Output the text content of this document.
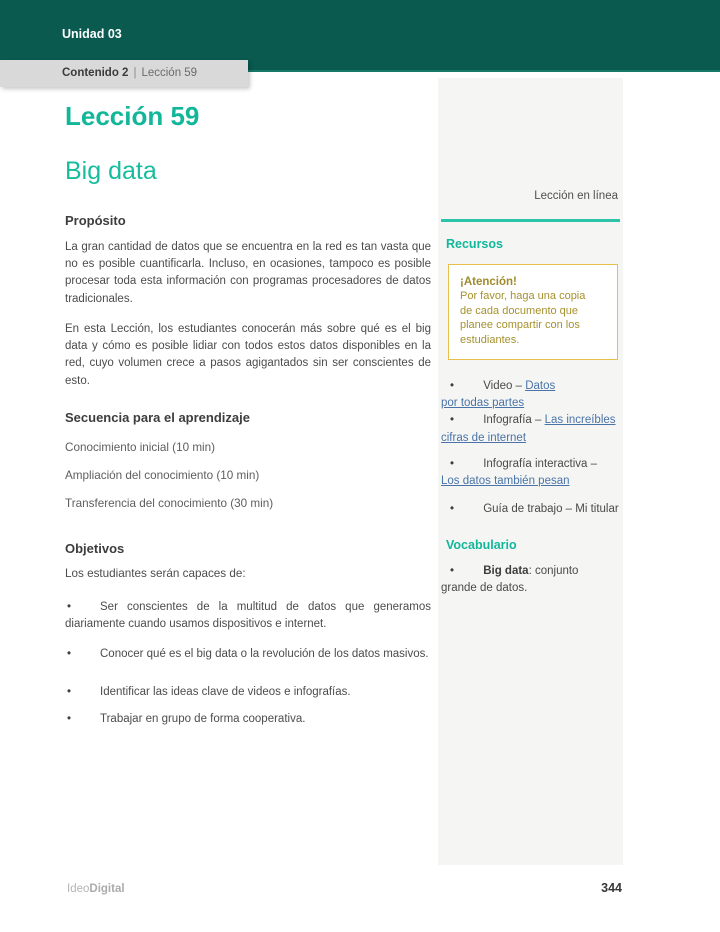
Unidad 03
Contenido 2 | Lección 59
Lección 59
Big data
Propósito
La gran cantidad de datos que se encuentra en la red es tan vasta que no es posible cuantificarla. Incluso, en ocasiones, tampoco es posible procesar toda esta información con programas procesadores de datos tradicionales.
En esta Lección, los estudiantes conocerán más sobre qué es el big data y cómo es posible lidiar con todos estos datos disponibles en la red, cuyo volumen crece a pasos agigantados sin ser conscientes de esto.
Secuencia para el aprendizaje
Conocimiento inicial (10 min)
Ampliación del conocimiento (10 min)
Transferencia del conocimiento (30 min)
Objetivos
Los estudiantes serán capaces de:
• Ser conscientes de la multitud de datos que generamos diariamente cuando usamos dispositivos e internet.
• Conocer qué es el big data o la revolución de los datos masivos.
• Identificar las ideas clave de videos e infografías.
• Trabajar en grupo de forma cooperativa.
Lección en línea
Recursos
¡Atención!
Por favor, haga una copia de cada documento que planee compartir con los estudiantes.
• Video – Datos
por todas partes
• Infografía – Las increíbles
cifras de internet
• Infografía interactiva –
Los datos también pesan
• Guía de trabajo – Mi titular
Vocabulario
• Big data: conjunto grande de datos.
IdeoDigital	344
